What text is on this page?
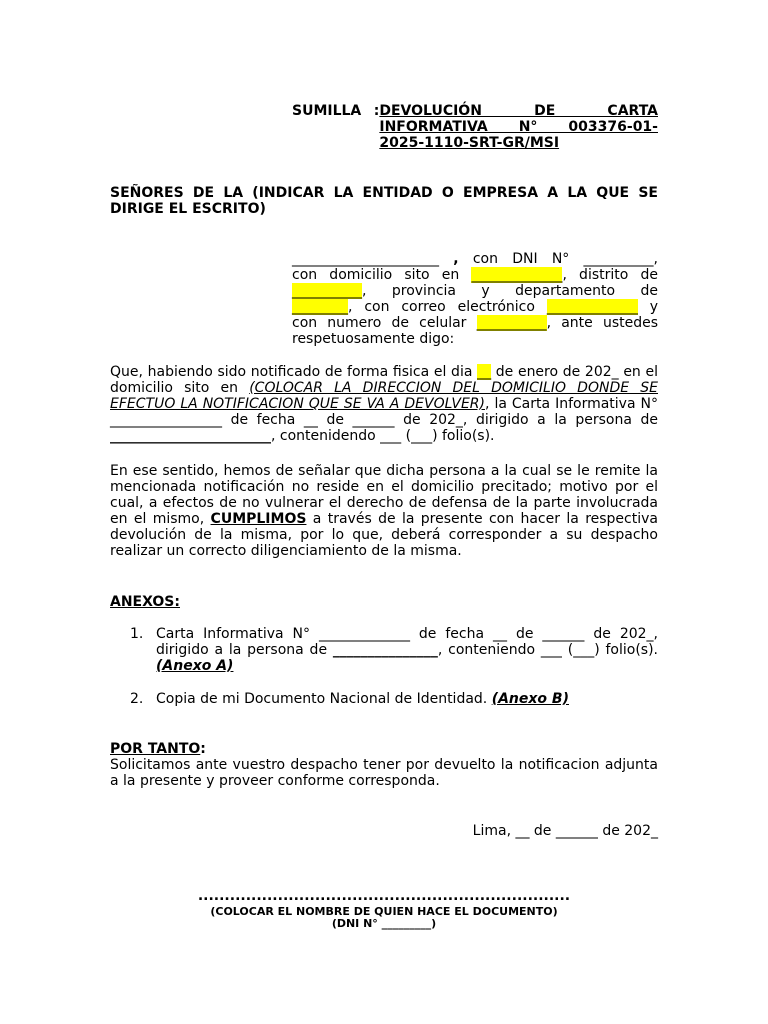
SUMILLA	:	DEVOLUCIÓN DE CARTA
INFORMATIVA N° 003376-01-
2025-1110-SRT-GR/MSI
SEÑORES DE LA (INDICAR LA ENTIDAD O EMPRESA A LA QUE SE DIRIGE EL ESCRITO)
_____________________ , con DNI N° __________,
con domicilio sito en _____________, distrito de
__________, provincia y departamento de
________, con correo electrónico _____________ y
con numero de celular __________, ante ustedes
respetuosamente digo:
Que, habiendo sido notificado de forma fisica el dia __ de enero de 202_ en el domicilio sito en (COLOCAR LA DIRECCION DEL DOMICILIO DONDE SE EFECTUO LA NOTIFICACION QUE SE VA A DEVOLVER), la Carta Informativa N° ________________ de fecha __ de ______ de 202_, dirigido a la persona de _______________________, contenidendo ___ (___) folio(s).
En ese sentido, hemos de señalar que dicha persona a la cual se le remite la mencionada notificación no reside en el domicilio precitado; motivo por el cual, a efectos de no vulnerar el derecho de defensa de la parte involucrada en el mismo, CUMPLIMOS a través de la presente con hacer la respectiva devolución de la misma, por lo que, deberá corresponder a su despacho realizar un correcto diligenciamiento de la misma.
ANEXOS:
1. Carta Informativa N° _____________ de fecha __ de ______ de 202_, dirigido a la persona de _______________, conteniendo ___ (___) folio(s). (Anexo A)
2. Copia de mi Documento Nacional de Identidad. (Anexo B)
POR TANTO:
Solicitamos ante vuestro despacho tener por devuelto la notificacion adjunta a la presente y proveer conforme corresponda.
Lima, __ de ______ de 202_
......................................................................
(COLOCAR EL NOMBRE DE QUIEN HACE EL DOCUMENTO)
(DNI N° _________)
